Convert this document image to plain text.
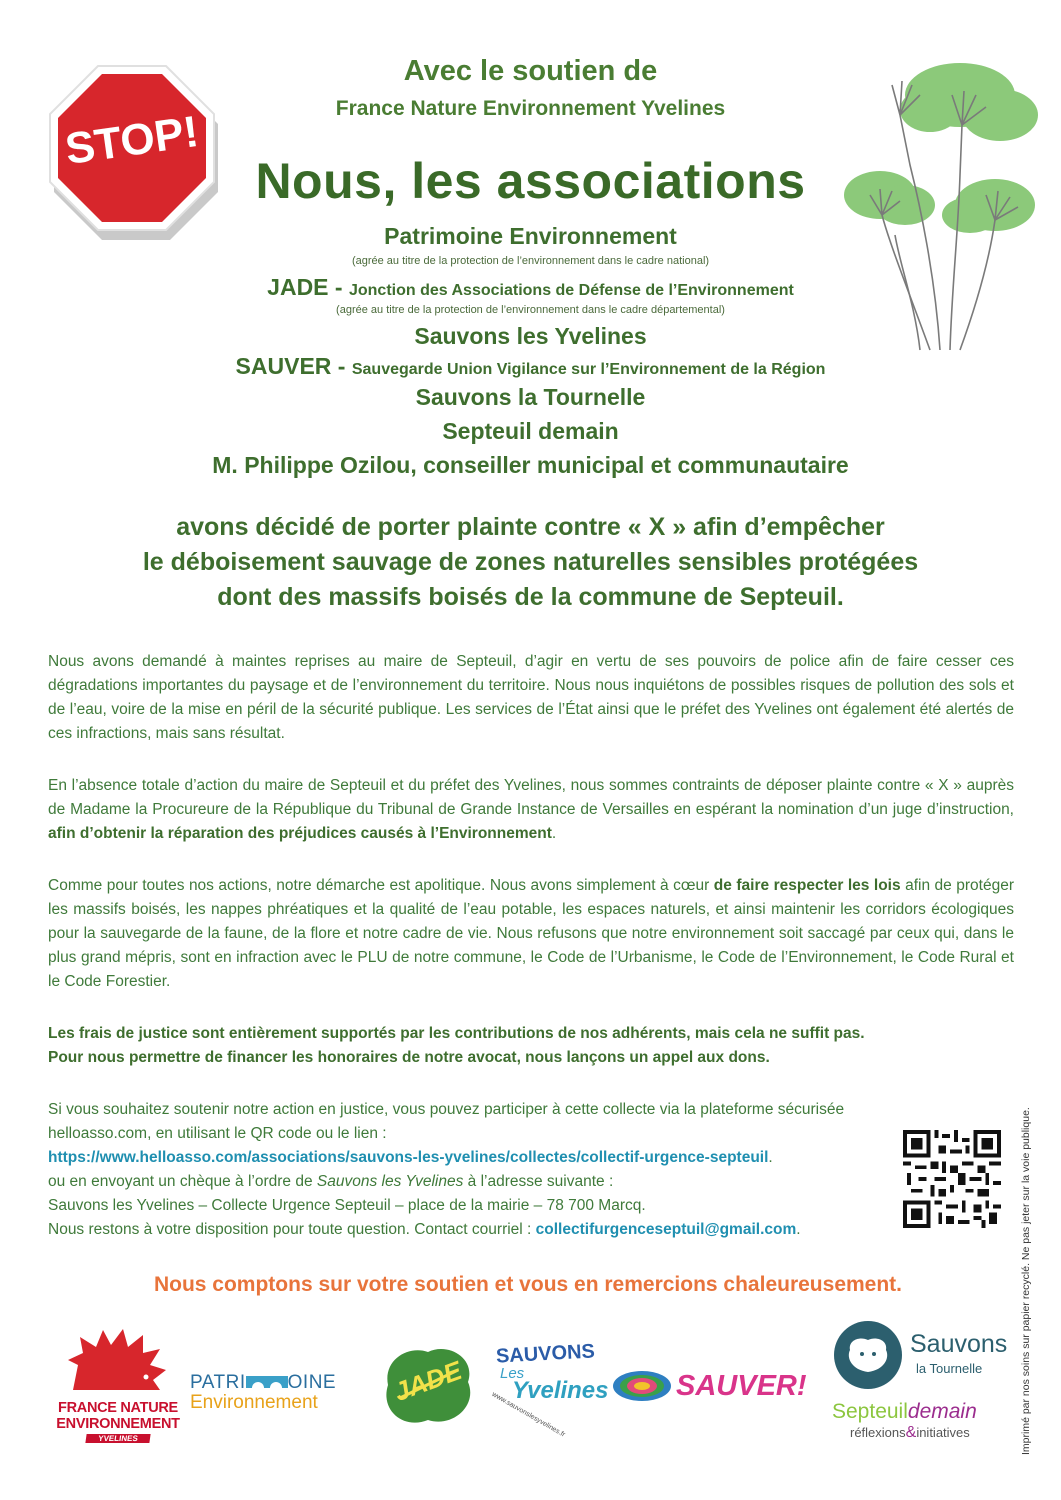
STOP!
Avec le soutien de
France Nature Environnement Yvelines
Nous, les associations
Patrimoine Environnement
(agrée au titre de la protection de l’environnement dans le cadre national)
JADE - Jonction des Associations de Défense de l’Environnement
(agrée au titre de la protection de l’environnement dans le cadre départemental)
Sauvons les Yvelines
SAUVER - Sauvegarde Union Vigilance sur l’Environnement de la Région
Sauvons la Tournelle
Septeuil demain
M. Philippe Ozilou, conseiller municipal et communautaire
avons décidé de porter plainte contre « X » afin d’empêcher
le déboisement sauvage de zones naturelles sensibles protégées
dont des massifs boisés de la commune de Septeuil.
Nous avons demandé à maintes reprises au maire de Septeuil, d’agir en vertu de ses pouvoirs de police afin de faire cesser ces dégradations importantes du paysage et de l’environnement du territoire. Nous nous inquiétons de possibles risques de pollution des sols et de l’eau, voire de la mise en péril de la sécurité publique. Les services de l’État ainsi que le préfet des Yvelines ont également été alertés de ces infractions, mais sans résultat.
En l’absence totale d’action du maire de Septeuil et du préfet des Yvelines, nous sommes contraints de déposer plainte contre « X » auprès de Madame la Procureure de la République du Tribunal de Grande Instance de Versailles en espérant la nomination d’un juge d’instruction, afin d’obtenir la réparation des préjudices causés à l’Environnement.
Comme pour toutes nos actions, notre démarche est apolitique. Nous avons simplement à cœur de faire respecter les lois afin de protéger les massifs boisés, les nappes phréatiques et la qualité de l’eau potable, les espaces naturels, et ainsi maintenir les corridors écologiques pour la sauvegarde de la faune, de la flore et notre cadre de vie. Nous refusons que notre environnement soit saccagé par ceux qui, dans le plus grand mépris, sont en infraction avec le PLU de notre commune, le Code de l’Urbanisme, le Code de l’Environnement, le Code Rural et le Code Forestier.
Les frais de justice sont entièrement supportés par les contributions de nos adhérents, mais cela ne suffit pas.
Pour nous permettre de financer les honoraires de notre avocat, nous lançons un appel aux dons.
Si vous souhaitez soutenir notre action en justice, vous pouvez participer à cette collecte via la plateforme sécurisée
helloasso.com, en utilisant le QR code ou le lien :
https://www.helloasso.com/associations/sauvons-les-yvelines/collectes/collectif-urgence-septeuil.
ou en envoyant un chèque à l’ordre de Sauvons les Yvelines à l’adresse suivante :
Sauvons les Yvelines – Collecte Urgence Septeuil – place de la mairie – 78 700 Marcq.
Nous restons à votre disposition pour toute question. Contact courriel : collectifurgenceseptuil@gmail.com.	Imprimé par nos soins sur papier recyclé. Ne pas jeter sur la voie publique.
Nous comptons sur votre soutien et vous en remercions chaleureusement.
FRANCE NATURE
ENVIRONNEMENT
YVELINES
PATRI OINE
Environnement	JADE
SAUVONS
Les
Yvelines
www.sauvonslesyvelines.fr
SAUVER!
Sauvons
la Tournelle
Septeuildemain
réflexions&initiatives
